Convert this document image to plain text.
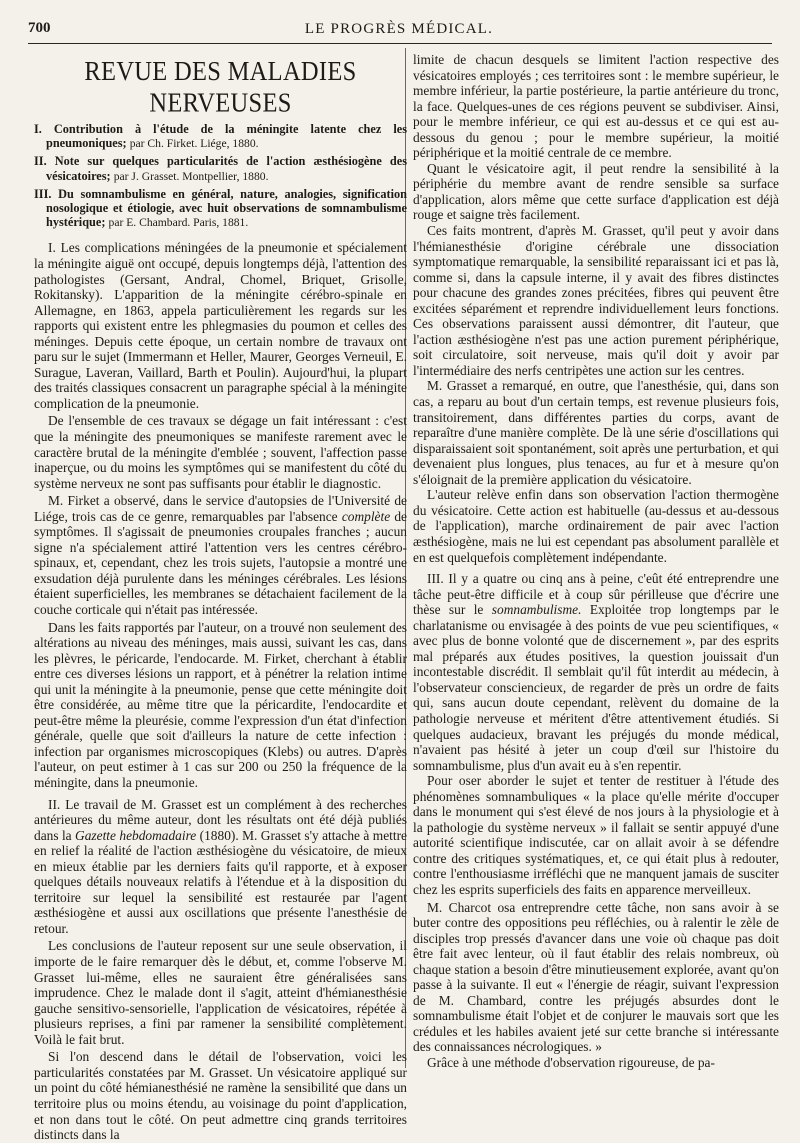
700	LE PROGRÈS MÉDICAL.
REVUE DES MALADIES NERVEUSES
I. Contribution à l'étude de la méningite latente chez les pneumoniques; par Ch. Firket. Liége, 1880.
II. Note sur quelques particularités de l'action æsthésiogène des vésicatoires; par J. Grasset. Montpellier, 1880.
III. Du somnambulisme en général, nature, analogies, signification nosologique et étiologie, avec huit observations de somnambulisme hystérique; par E. Chambard. Paris, 1881.

I. Les complications méningées de la pneumonie et spécialement la méningite aiguë ont occupé, depuis longtemps déjà, l'attention des pathologistes (Gersant, Andral, Chomel, Briquet, Grisolle, Rokitansky). L'apparition de la méningite cérébro-spinale en Allemagne, en 1863, appela particulièrement les regards sur les rapports qui existent entre les phlegmasies du poumon et celles des méninges. Depuis cette époque, un certain nombre de travaux ont paru sur le sujet (Immermann et Heller, Maurer, Georges Verneuil, E. Surague, Laveran, Vaillard, Barth et Poulin). Aujourd'hui, la plupart des traités classiques consacrent un paragraphe spécial à la méningite complication de la pneumonie.

De l'ensemble de ces travaux se dégage un fait intéressant : c'est que la méningite des pneumoniques se manifeste rarement avec le caractère brutal de la méningite d'emblée ; souvent, l'affection passe inaperçue, ou du moins les symptômes qui se manifestent du côté du système nerveux ne sont pas suffisants pour établir le diagnostic.

M. Firket a observé, dans le service d'autopsies de l'Université de Liége, trois cas de ce genre, remarquables par l'absence complète de symptômes. Il s'agissait de pneumonies croupales franches ; aucun signe n'a spécialement attiré l'attention vers les centres cérébro-spinaux, et, cependant, chez les trois sujets, l'autopsie a montré une exsudation déjà purulente dans les méninges cérébrales. Les lésions étaient superficielles, les membranes se détachaient facilement de la couche corticale qui n'était pas intéressée.

Dans les faits rapportés par l'auteur, on a trouvé non seulement des altérations au niveau des méninges, mais aussi, suivant les cas, dans les plèvres, le péricarde, l'endocarde. M. Firket, cherchant à établir entre ces diverses lésions un rapport, et à pénétrer la relation intime qui unit la méningite à la pneumonie, pense que cette méningite doit être considérée, au même titre que la péricardite, l'endocardite et peut-être même la pleurésie, comme l'expression d'un état d'infection générale, quelle que soit d'ailleurs la nature de cette infection : infection par organismes microscopiques (Klebs) ou autres. D'après l'auteur, on peut estimer à 1 cas sur 200 ou 250 la fréquence de la méningite, dans la pneumonie.

II. Le travail de M. Grasset est un complément à des recherches antérieures du même auteur, dont les résultats ont été déjà publiés dans la Gazette hebdomadaire (1880). M. Grasset s'y attache à mettre en relief la réalité de l'action æsthésiogène du vésicatoire, de mieux en mieux établie par les derniers faits qu'il rapporte, et à exposer quelques détails nouveaux relatifs à l'étendue et à la disposition du territoire sur lequel la sensibilité est restaurée par l'agent æsthésiogène et aussi aux oscillations que présente l'anesthésie de retour.

Les conclusions de l'auteur reposent sur une seule observation, il importe de le faire remarquer dès le début, et, comme l'observe M. Grasset lui-même, elles ne sauraient être généralisées sans imprudence. Chez le malade dont il s'agit, atteint d'hémianesthésie gauche sensitivo-sensorielle, l'application de vésicatoires, répétée à plusieurs reprises, a fini par ramener la sensibilité complètement. Voilà le fait brut.

Si l'on descend dans le détail de l'observation, voici les particularités constatées par M. Grasset. Un vésicatoire appliqué sur un point du côté hémianesthésié ne ramène la sensibilité que dans un territoire plus ou moins étendu, au voisinage du point d'application, et non dans tout le côté. On peut admettre cinq grands territoires distincts dans la

limite de chacun desquels se limitent l'action respective des vésicatoires employés ; ces territoires sont : le membre supérieur, le membre inférieur, la partie postérieure, la partie antérieure du tronc, la face. Quelques-unes de ces régions peuvent se subdiviser. Ainsi, pour le membre inférieur, ce qui est au-dessus et ce qui est au-dessous du genou ; pour le membre supérieur, la moitié périphérique et la moitié centrale de ce membre.

Quant le vésicatoire agit, il peut rendre la sensibilité à la périphérie du membre avant de rendre sensible sa surface d'application, alors même que cette surface d'application est déjà rouge et saigne très facilement.

Ces faits montrent, d'après M. Grasset, qu'il peut y avoir dans l'hémianesthésie d'origine cérébrale une dissociation symptomatique remarquable, la sensibilité reparaissant ici et pas là, comme si, dans la capsule interne, il y avait des fibres distinctes pour chacune des grandes zones précitées, fibres qui peuvent être excitées séparément et reprendre individuellement leurs fonctions. Ces observations paraissent aussi démontrer, dit l'auteur, que l'action æsthésiogène n'est pas une action purement périphérique, soit circulatoire, soit nerveuse, mais qu'il doit y avoir par l'intermédiaire des nerfs centripètes une action sur les centres.

M. Grasset a remarqué, en outre, que l'anesthésie, qui, dans son cas, a reparu au bout d'un certain temps, est revenue plusieurs fois, transitoirement, dans différentes parties du corps, avant de reparaître d'une manière complète. De là une série d'oscillations qui disparaissaient soit spontanément, soit après une perturbation, et qui devenaient plus longues, plus tenaces, au fur et à mesure qu'on s'éloignait de la première application du vésicatoire.

L'auteur relève enfin dans son observation l'action thermogène du vésicatoire. Cette action est habituelle (au-dessus et au-dessous de l'application), marche ordinairement de pair avec l'action æsthésiogène, mais ne lui est cependant pas absolument parallèle et en est quelquefois complètement indépendante.

III. Il y a quatre ou cinq ans à peine, c'eût été entreprendre une tâche peut-être difficile et à coup sûr périlleuse que d'écrire une thèse sur le somnambulisme. Exploitée trop longtemps par le charlatanisme ou envisagée à des points de vue peu scientifiques, « avec plus de bonne volonté que de discernement », par des esprits mal préparés aux études positives, la question jouissait d'un incontestable discrédit. Il semblait qu'il fût interdit au médecin, à l'observateur consciencieux, de regarder de près un ordre de faits qui, sans aucun doute cependant, relèvent du domaine de la pathologie nerveuse et méritent d'être attentivement étudiés. Si quelques audacieux, bravant les préjugés du monde médical, n'avaient pas hésité à jeter un coup d'œil sur l'histoire du somnambulisme, plus d'un avait eu à s'en repentir.

Pour oser aborder le sujet et tenter de restituer à l'étude des phénomènes somnambuliques « la place qu'elle mérite d'occuper dans le monument qui s'est élevé de nos jours à la physiologie et à la pathologie du système nerveux » il fallait se sentir appuyé d'une autorité scientifique indiscutée, car on allait avoir à se défendre contre des critiques systématiques, et, ce qui était plus à redouter, contre l'enthousiasme irréfléchi que ne manquent jamais de susciter chez les esprits superficiels des faits en apparence merveilleux.

M. Charcot osa entreprendre cette tâche, non sans avoir à se buter contre des oppositions peu réfléchies, ou à ralentir le zèle de disciples trop pressés d'avancer dans une voie où chaque pas doit être fait avec lenteur, où il faut établir des relais nombreux, où chaque station a besoin d'être minutieusement explorée, avant qu'on passe à la suivante. Il eut « l'énergie de réagir, suivant l'expression de M. Chambard, contre les préjugés absurdes dont le somnambulisme était l'objet et de conjurer le mauvais sort que les crédules et les habiles avaient jeté sur cette branche si intéressante des connaissances nécrologiques. »

Grâce à une méthode d'observation rigoureuse, de pa-
